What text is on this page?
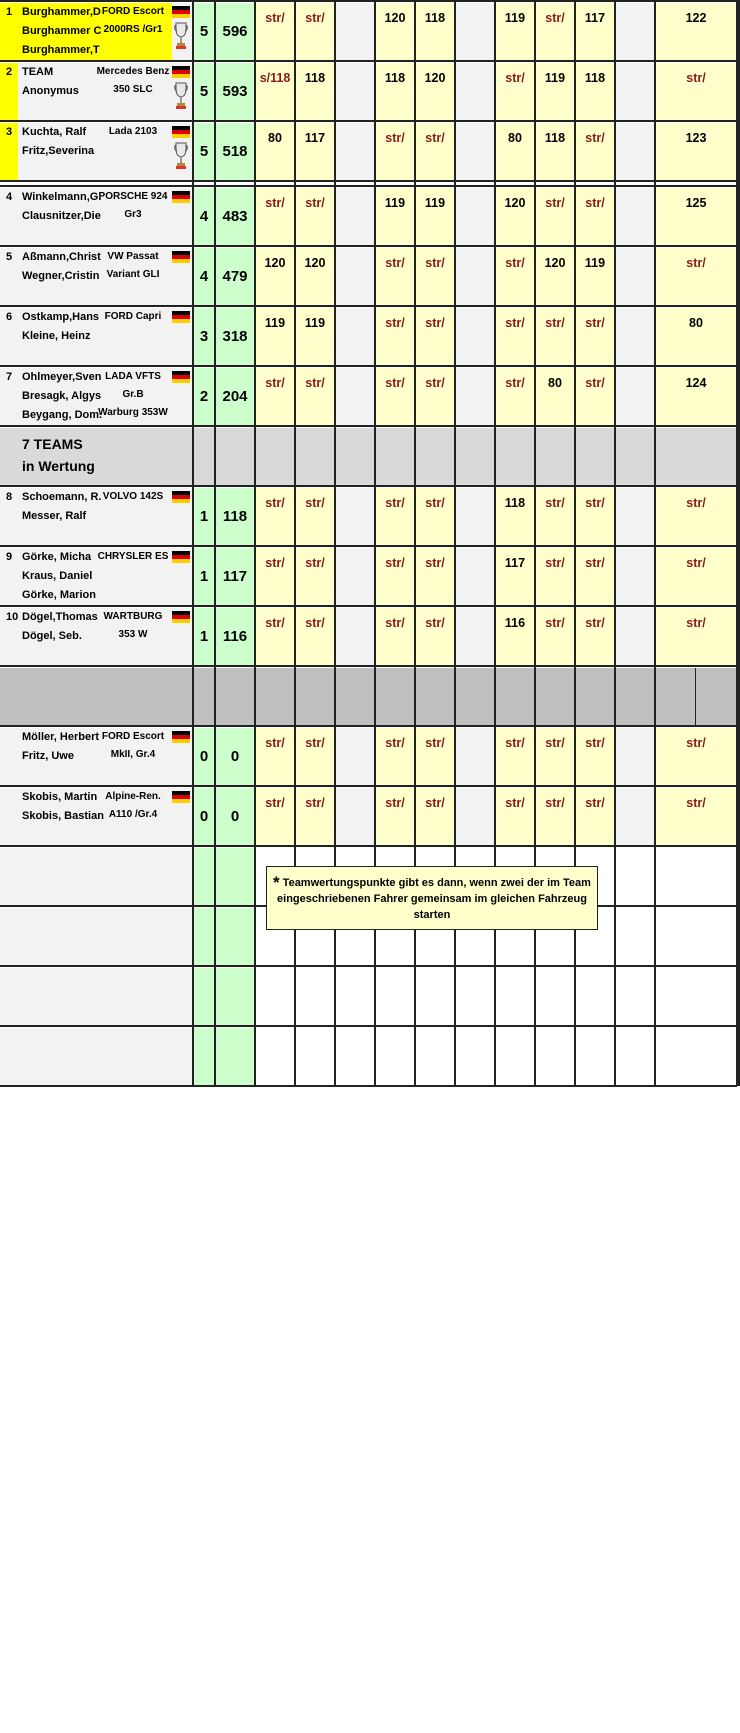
1 Burghammer,D
Burghammer C
Burghammer,T
FORD Escort
2000RS /Gr1	5 596
str/	str/	120	118	119	str/	117	122
2 TEAM
Anonymus
Mercedes Benz
350 SLC	5 593
s/118	118	118	120	str/	119	118	str/
3 Kuchta, Ralf
Fritz,Severina
Lada 2103
5 518
80	117	str/	str/	80	118	str/	123
4 Winkelmann,G.
Clausnitzer,Die
PORSCHE 924
Gr3	4 483
str/	str/	119	119	120	str/	str/	125
5 Aßmann,Christ
Wegner,Cristin
VW Passat
Variant GLI	4 479
120	120	str/	str/	str/	120	119	str/
6 Ostkamp,Hans
Kleine, Heinz
FORD Capri
3 318
119	119	str/	str/	str/	str/	str/	80
7 Ohlmeyer,Sven
Bresagk, Algys
Beygang, Dom.
LADA VFTS
Gr.B
Warburg 353W
2 204
str/	str/	str/	str/	str/	80	str/	124
8 Schoemann, R.
Messer, Ralf
VOLVO 142S
1 118
str/	str/	str/	str/	118	str/	str/	str/
9 Görke, Micha
Kraus, Daniel
Görke, Marion
CHRYSLER ES
1 117
str/	str/	str/	str/	117	str/	str/	str/
10 Dögel,Thomas
Dögel, Seb.
WARTBURG
353 W	1 116
str/	str/	str/	str/	116	str/	str/	str/
Möller, Herbert
Fritz, Uwe
FORD Escort
MkII, Gr.4	0	0
str/	str/	str/	str/	str/	str/	str/	str/
Skobis, Martin
Skobis, Bastian
Alpine-Ren.
A110 /Gr.4	0	0
str/	str/	str/	str/	str/	str/	str/	str/
7 TEAMS
in Wertung
* Teamwertungspunkte gibt es dann, wenn zwei der im Team eingeschriebenen Fahrer gemeinsam im gleichen Fahrzeug starten
